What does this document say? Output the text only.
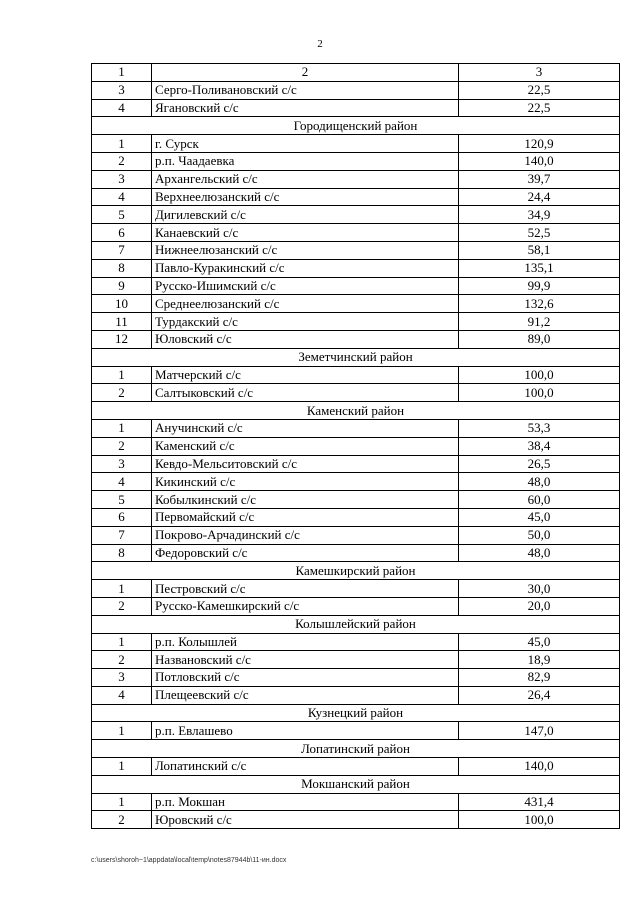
2
1	2	3
3	Серго-Поливановский с/с	22,5
4	Ягановский с/с	22,5
Городищенский район		
1	г. Сурск	120,9
2	р.п. Чаадаевка	140,0
3	Архангельский с/с	39,7
4	Верхнеелюзанский с/с	24,4
5	Дигилевский с/с	34,9
6	Канаевский с/с	52,5
7	Нижнеелюзанский с/с	58,1
8	Павло-Куракинский с/с	135,1
9	Русско-Ишимский с/с	99,9
10	Среднеелюзанский с/с	132,6
11	Турдакский с/с	91,2
12	Юловский с/с	89,0
Земетчинский район		
1	Матчерский с/с	100,0
2	Салтыковский с/с	100,0
Каменский район		
1	Анучинский с/с	53,3
2	Каменский с/с	38,4
3	Кевдо-Мельситовский с/с	26,5
4	Кикинский с/с	48,0
5	Кобылкинский с/с	60,0
6	Первомайский с/с	45,0
7	Покрово-Арчадинский с/с	50,0
8	Федоровский с/с	48,0
Камешкирский район		
1	Пестровский с/с	30,0
2	Русско-Камешкирский с/с	20,0
Колышлейский район		
1	р.п. Колышлей	45,0
2	Названовский с/с	18,9
3	Потловский с/с	82,9
4	Плещеевский с/с	26,4
Кузнецкий район		
1	р.п. Евлашево	147,0
Лопатинский район		
1	Лопатинский с/с	140,0
Мокшанский район		
1	р.п. Мокшан	431,4
2	Юровский с/с	100,0
c:\users\shoroh~1\appdata\local\temp\notes87944b\11-ин.docx
